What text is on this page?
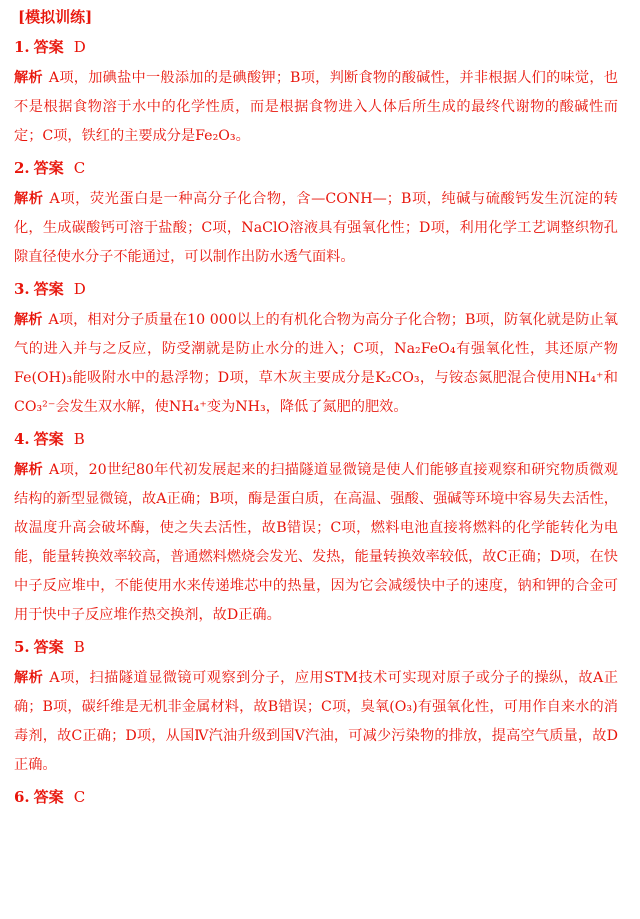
[模拟训练]
1. 答案 D

解析 A项，加碘盐中一般添加的是碘酸钾；B项，判断食物的酸碱性，并非根据人们的味觉，也不是根据食物溶于水中的化学性质，而是根据食物进入人体后所生成的最终代谢物的酸碱性而定；C项，铁红的主要成分是Fe₂O₃。

2. 答案 C

解析 A项，荧光蛋白是一种高分子化合物，含—CONH—；B项，纯碱与硫酸钙发生沉淀的转化，生成碳酸钙可溶于盐酸；C项，NaClO溶液具有强氧化性；D项，利用化学工艺调整织物孔隙直径使水分子不能通过，可以制作出防水透气面料。

3. 答案 D

解析 A项，相对分子质量在10 000以上的有机化合物为高分子化合物；B项，防氧化就是防止氧气的进入并与之反应，防受潮就是防止水分的进入；C项，Na₂FeO₄有强氧化性，其还原产物Fe(OH)₃能吸附水中的悬浮物；D项，草木灰主要成分是K₂CO₃，与铵态氮肥混合使用NH₄⁺和CO₃²⁻会发生双水解，使NH₄⁺变为NH₃，降低了氮肥的肥效。

4. 答案 B

解析 A项，20世纪80年代初发展起来的扫描隧道显微镜是使人们能够直接观察和研究物质微观结构的新型显微镜，故A正确；B项，酶是蛋白质，在高温、强酸、强碱等环境中容易失去活性，故温度升高会破坏酶，使之失去活性，故B错误；C项，燃料电池直接将燃料的化学能转化为电能，能量转换效率较高，普通燃料燃烧会发光、发热，能量转换效率较低，故C正确；D项，在快中子反应堆中，不能使用水来传递堆芯中的热量，因为它会减缓快中子的速度，钠和钾的合金可用于快中子反应堆作热交换剂，故D正确。

5. 答案 B

解析 A项，扫描隧道显微镜可观察到分子，应用STM技术可实现对原子或分子的操纵，故A正确；B项，碳纤维是无机非金属材料，故B错误；C项，臭氧(O₃)有强氧化性，可用作自来水的消毒剂，故C正确；D项，从国Ⅳ汽油升级到国Ⅴ汽油，可减少污染物的排放，提高空气质量，故D正确。

6. 答案 C
